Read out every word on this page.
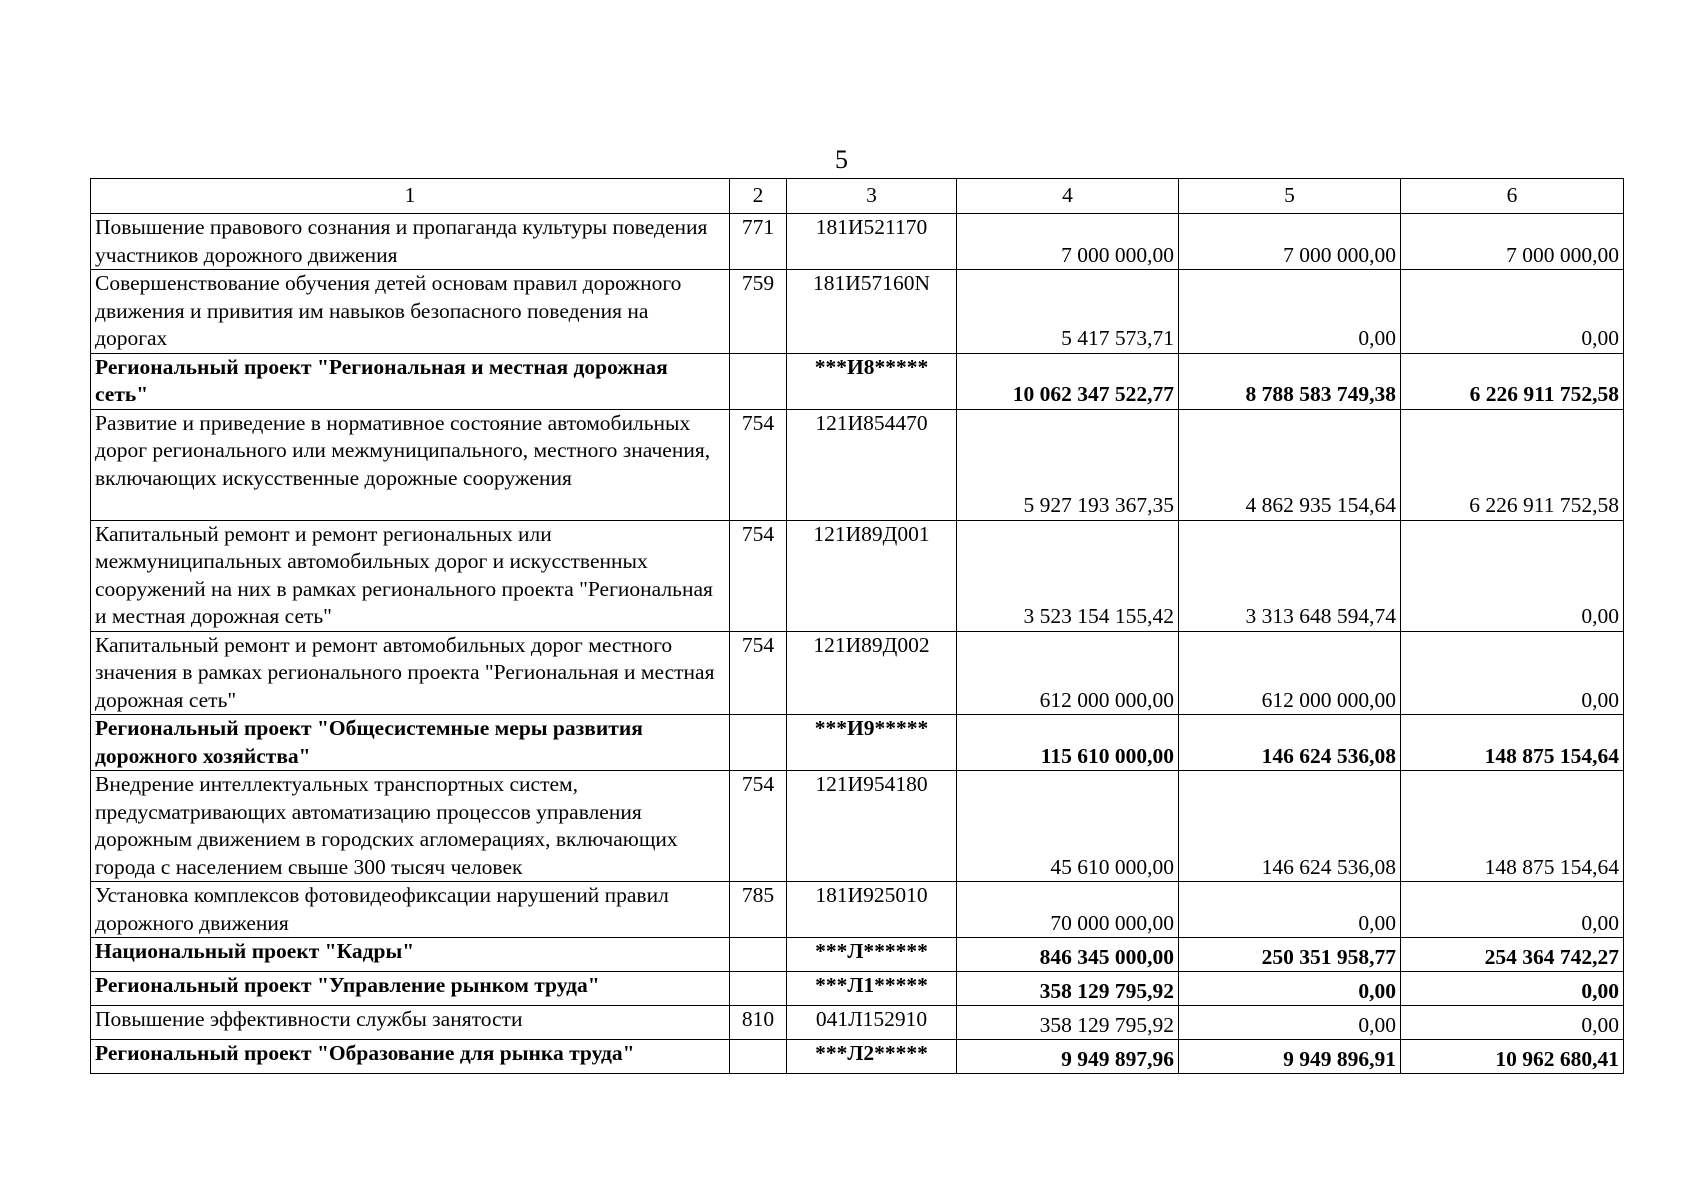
5
1	2	3	4	5	6
Повышение правового сознания и пропаганда культуры поведения участников дорожного движения	771	181И521170	7 000 000,00	7 000 000,00	7 000 000,00
Совершенствование обучения детей основам правил дорожного движения и привития им навыков безопасного поведения на дорогах	759	181И57160N	5 417 573,71	0,00	0,00
Региональный проект "Региональная и местная дорожная сеть"		***И8*****	10 062 347 522,77	8 788 583 749,38	6 226 911 752,58
Развитие и приведение в нормативное состояние автомобильных дорог регионального или межмуниципального, местного значения, включающих искусственные дорожные сооружения	754	121И854470	5 927 193 367,35	4 862 935 154,64	6 226 911 752,58
Капитальный ремонт и ремонт региональных или межмуниципальных автомобильных дорог и искусственных сооружений на них в рамках регионального проекта "Региональная и местная дорожная сеть"	754	121И89Д001	3 523 154 155,42	3 313 648 594,74	0,00
Капитальный ремонт и ремонт автомобильных дорог местного значения в рамках регионального проекта "Региональная и местная дорожная сеть"	754	121И89Д002	612 000 000,00	612 000 000,00	0,00
Региональный проект "Общесистемные меры развития дорожного хозяйства"		***И9*****	115 610 000,00	146 624 536,08	148 875 154,64
Внедрение интеллектуальных транспортных систем, предусматривающих автоматизацию процессов управления дорожным движением в городских агломерациях, включающих города с населением свыше 300 тысяч человек	754	121И954180	45 610 000,00	146 624 536,08	148 875 154,64
Установка комплексов фотовидеофиксации нарушений правил дорожного движения	785	181И925010	70 000 000,00	0,00	0,00
Национальный проект "Кадры"		***Л******	846 345 000,00	250 351 958,77	254 364 742,27
Региональный проект "Управление рынком труда"		***Л1*****	358 129 795,92	0,00	0,00
Повышение эффективности службы занятости	810	041Л152910	358 129 795,92	0,00	0,00
Региональный проект "Образование для рынка труда"		***Л2*****	9 949 897,96	9 949 896,91	10 962 680,41
